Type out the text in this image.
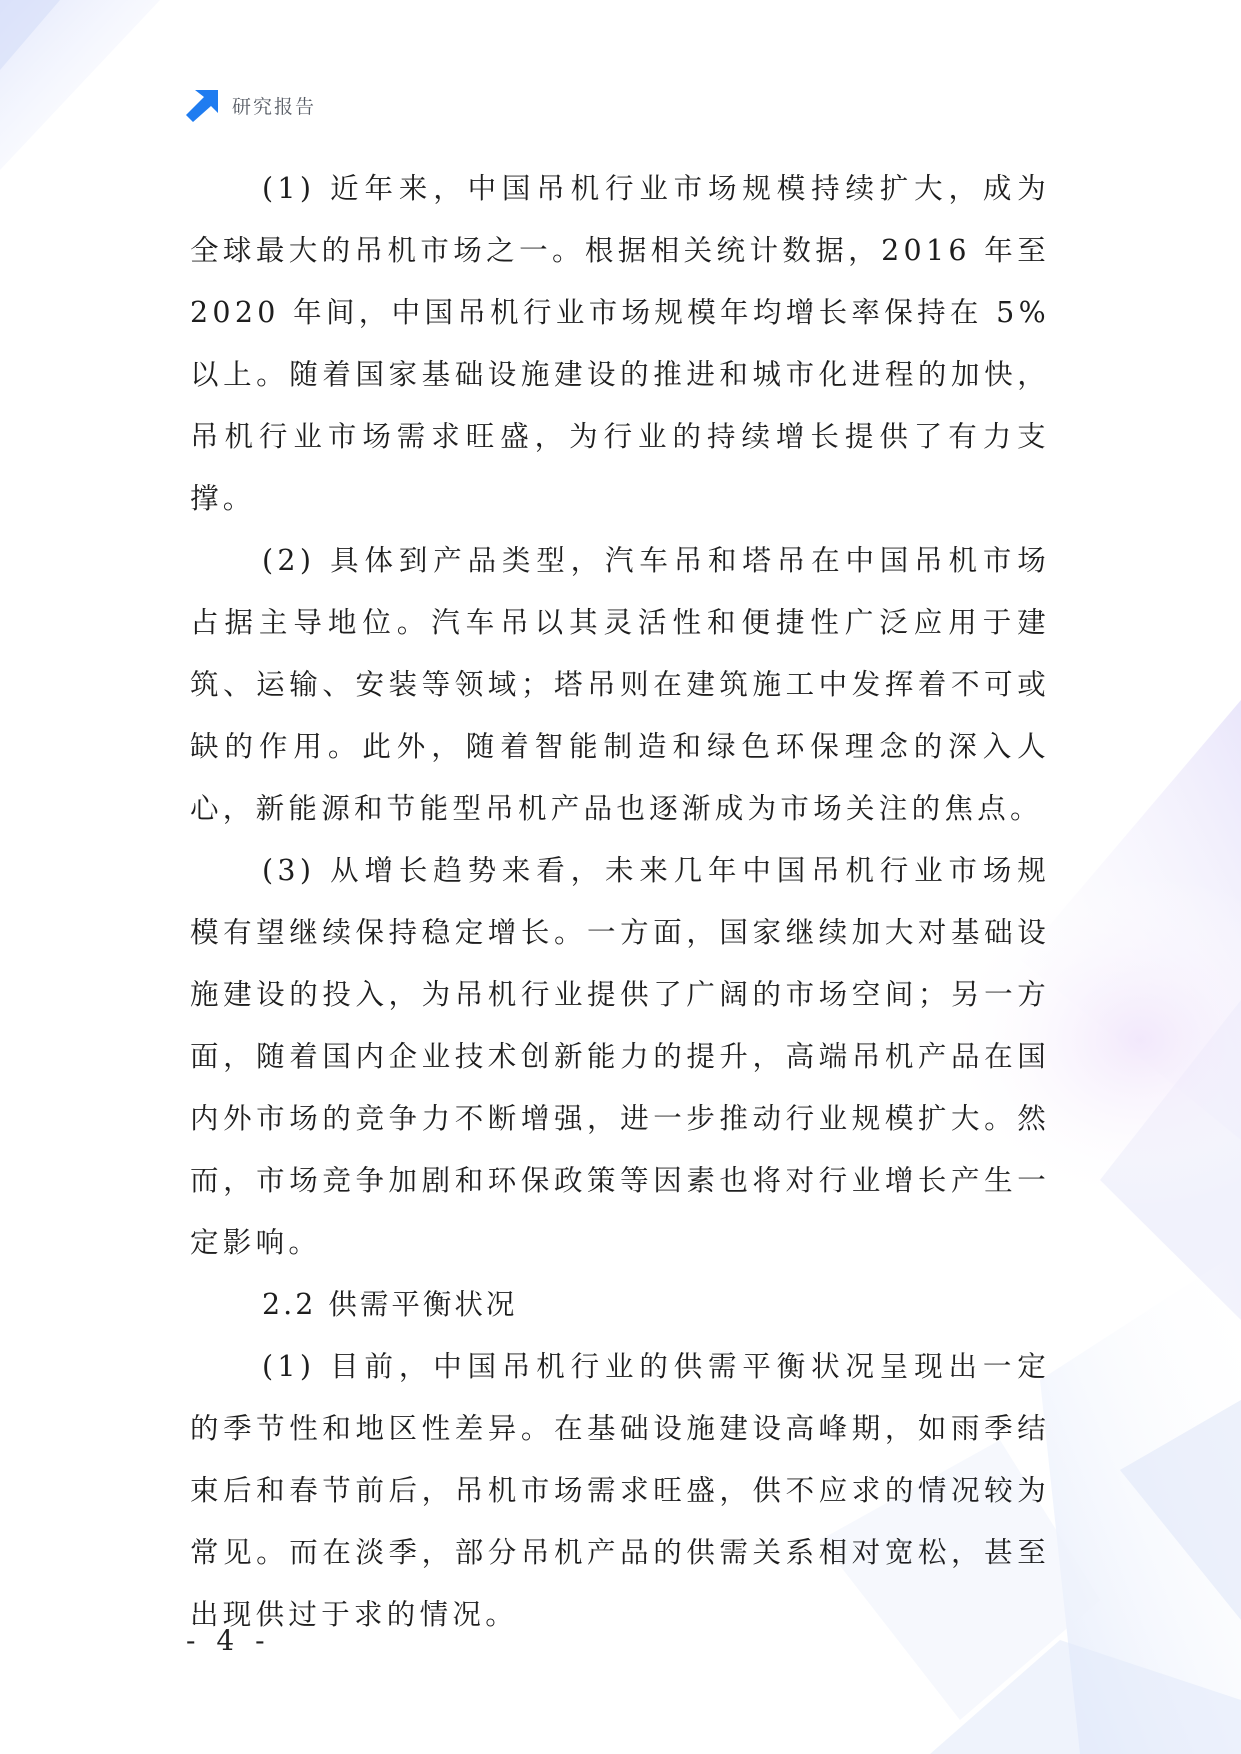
研究报告

(1) 近年来，中国吊机行业市场规模持续扩大，成为全球最大的吊机市场之一。根据相关统计数据，2016 年至 2020 年间，中国吊机行业市场规模年均增长率保持在 5%以上。随着国家基础设施建设的推进和城市化进程的加快，吊机行业市场需求旺盛，为行业的持续增长提供了有力支撑。

(2) 具体到产品类型，汽车吊和塔吊在中国吊机市场占据主导地位。汽车吊以其灵活性和便捷性广泛应用于建筑、运输、安装等领域；塔吊则在建筑施工中发挥着不可或缺的作用。此外，随着智能制造和绿色环保理念的深入人心，新能源和节能型吊机产品也逐渐成为市场关注的焦点。

(3) 从增长趋势来看，未来几年中国吊机行业市场规模有望继续保持稳定增长。一方面，国家继续加大对基础设施建设的投入，为吊机行业提供了广阔的市场空间；另一方面，随着国内企业技术创新能力的提升，高端吊机产品在国内外市场的竞争力不断增强，进一步推动行业规模扩大。然而，市场竞争加剧和环保政策等因素也将对行业增长产生一定影响。

2.2 供需平衡状况

(1) 目前，中国吊机行业的供需平衡状况呈现出一定的季节性和地区性差异。在基础设施建设高峰期，如雨季结束后和春节前后，吊机市场需求旺盛，供不应求的情况较为常见。而在淡季，部分吊机产品的供需关系相对宽松，甚至出现供过于求的情况。

- 4 -
